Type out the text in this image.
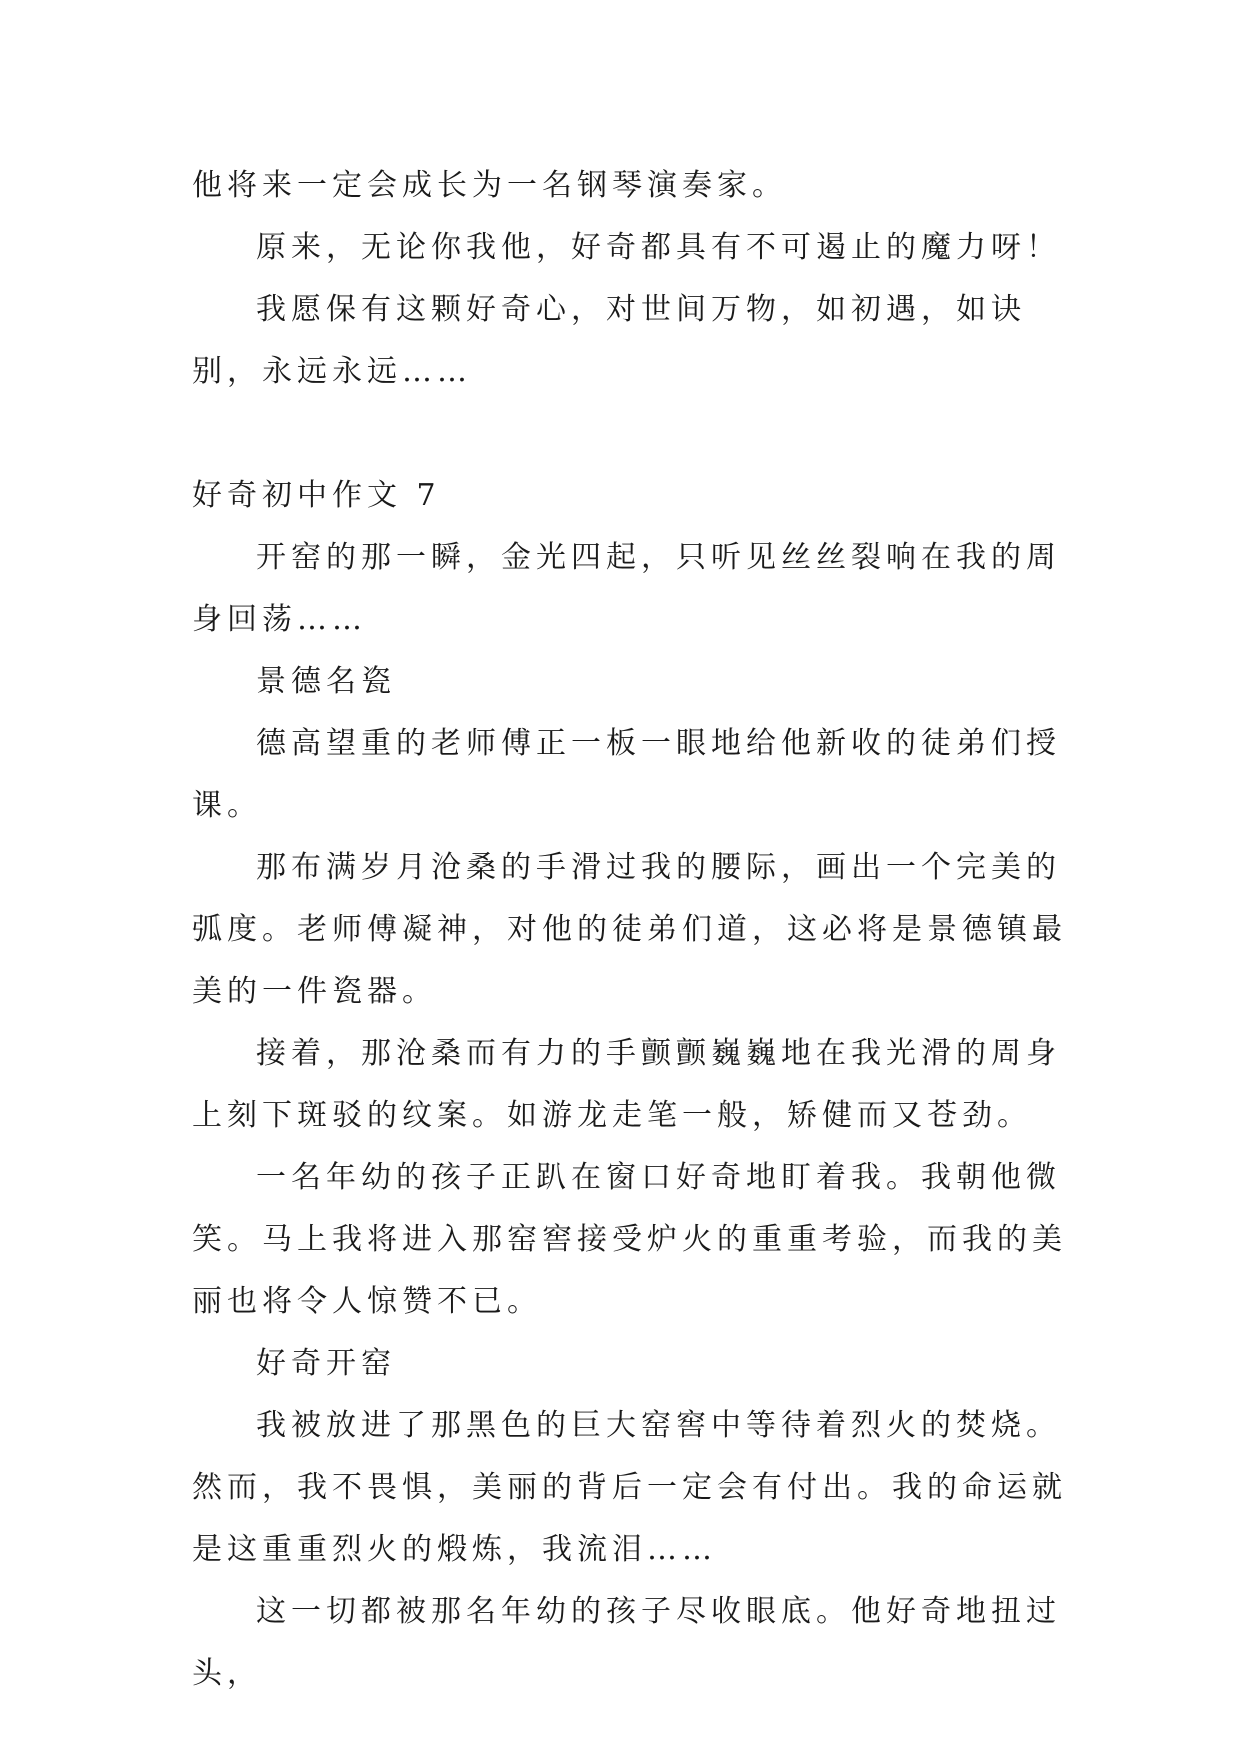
他将来一定会成长为一名钢琴演奏家。

原来，无论你我他，好奇都具有不可遏止的魔力呀！

我愿保有这颗好奇心，对世间万物，如初遇，如诀别，永远永远……

好奇初中作文 7

开窑的那一瞬，金光四起，只听见丝丝裂响在我的周身回荡……

景德名瓷

德高望重的老师傅正一板一眼地给他新收的徒弟们授课。

那布满岁月沧桑的手滑过我的腰际，画出一个完美的弧度。老师傅凝神，对他的徒弟们道，这必将是景德镇最美的一件瓷器。

接着，那沧桑而有力的手颤颤巍巍地在我光滑的周身上刻下斑驳的纹案。如游龙走笔一般，矫健而又苍劲。

一名年幼的孩子正趴在窗口好奇地盯着我。我朝他微笑。马上我将进入那窑窖接受炉火的重重考验，而我的美丽也将令人惊赞不已。

好奇开窑

我被放进了那黑色的巨大窑窖中等待着烈火的焚烧。然而，我不畏惧，美丽的背后一定会有付出。我的命运就是这重重烈火的煅炼，我流泪……

这一切都被那名年幼的孩子尽收眼底。他好奇地扭过头，
